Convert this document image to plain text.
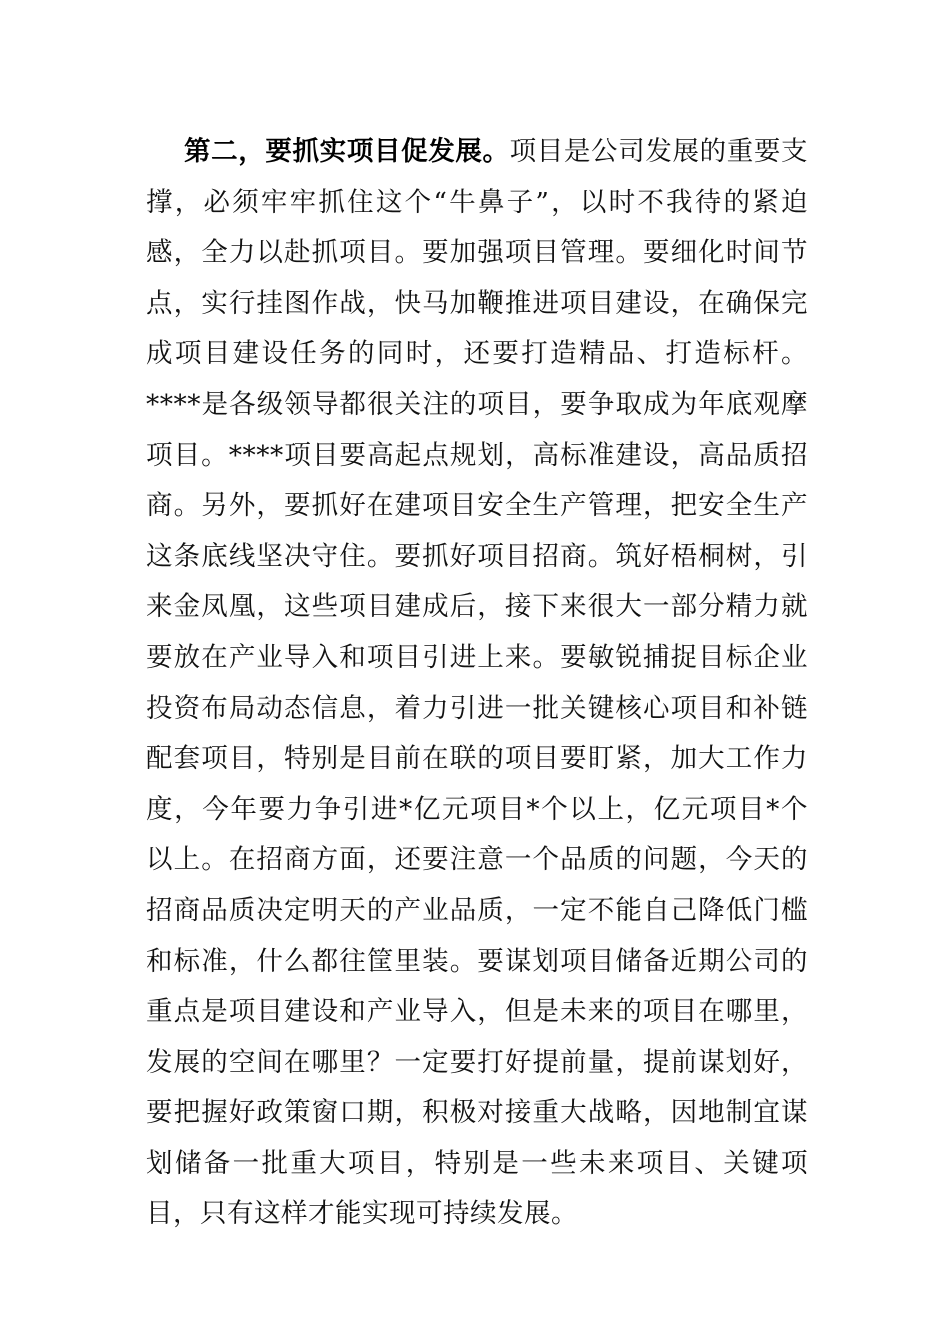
第二，要抓实项目促发展。项目是公司发展的重要支撑，必须牢牢抓住这个“牛鼻子”，以时不我待的紧迫感，全力以赴抓项目。要加强项目管理。要细化时间节点，实行挂图作战，快马加鞭推进项目建设，在确保完成项目建设任务的同时，还要打造精品、打造标杆。****是各级领导都很关注的项目，要争取成为年底观摩项目。****项目要高起点规划，高标准建设，高品质招商。另外，要抓好在建项目安全生产管理，把安全生产这条底线坚决守住。要抓好项目招商。筑好梧桐树，引来金凤凰，这些项目建成后，接下来很大一部分精力就要放在产业导入和项目引进上来。要敏锐捕捉目标企业投资布局动态信息，着力引进一批关键核心项目和补链配套项目，特别是目前在联的项目要盯紧，加大工作力度，今年要力争引进*亿元项目*个以上，亿元项目*个以上。在招商方面，还要注意一个品质的问题，今天的招商品质决定明天的产业品质，一定不能自己降低门槛和标准，什么都往筐里装。要谋划项目储备近期公司的重点是项目建设和产业导入，但是未来的项目在哪里，发展的空间在哪里？一定要打好提前量，提前谋划好，要把握好政策窗口期，积极对接重大战略，因地制宜谋划储备一批重大项目，特别是一些未来项目、关键项目，只有这样才能实现可持续发展。
